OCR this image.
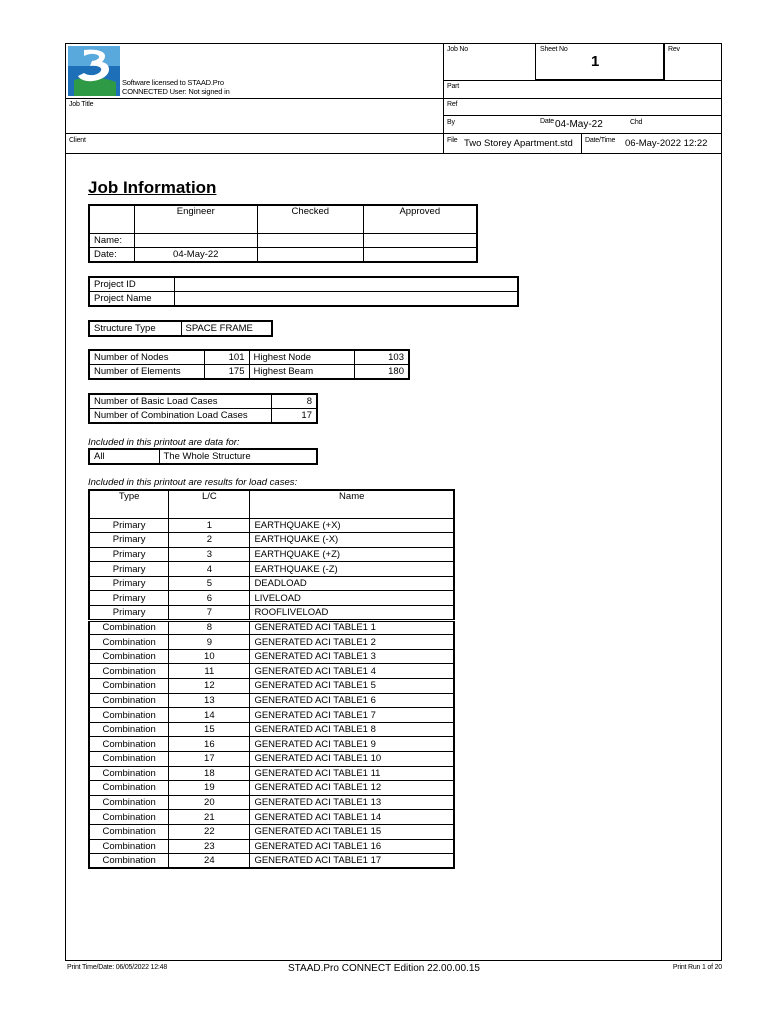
Software licensed to STAAD.Pro
CONNECTED User: Not signed in
Job Title
Client
Job No	Sheet No
1
Rev
Part
Ref
By	Date 04-May-22	Chd
File Two Storey Apartment.std	Date/Time 06-May-2022 12:22
Job Information
	Engineer	Checked	Approved
Name:			
Date:	04-May-22		
Project ID	
Project Name	
Structure Type	SPACE FRAME
Number of Nodes	101	Highest Node	103
Number of Elements	175	Highest Beam	180
Number of Basic Load Cases	8
Number of Combination Load Cases	17
Included in this printout are data for:
All	The Whole Structure
Included in this printout are results for load cases:
Type	L/C	Name
Primary	1	EARTHQUAKE (+X)
Primary	2	EARTHQUAKE (-X)
Primary	3	EARTHQUAKE (+Z)
Primary	4	EARTHQUAKE (-Z)
Primary	5	DEADLOAD
Primary	6	LIVELOAD
Primary	7	ROOFLIVELOAD
Combination	8	GENERATED ACI TABLE1 1
Combination	9	GENERATED ACI TABLE1 2
Combination	10	GENERATED ACI TABLE1 3
Combination	11	GENERATED ACI TABLE1 4
Combination	12	GENERATED ACI TABLE1 5
Combination	13	GENERATED ACI TABLE1 6
Combination	14	GENERATED ACI TABLE1 7
Combination	15	GENERATED ACI TABLE1 8
Combination	16	GENERATED ACI TABLE1 9
Combination	17	GENERATED ACI TABLE1 10
Combination	18	GENERATED ACI TABLE1 11
Combination	19	GENERATED ACI TABLE1 12
Combination	20	GENERATED ACI TABLE1 13
Combination	21	GENERATED ACI TABLE1 14
Combination	22	GENERATED ACI TABLE1 15
Combination	23	GENERATED ACI TABLE1 16
Combination	24	GENERATED ACI TABLE1 17
Print Time/Date: 06/05/2022 12:48	STAAD.Pro CONNECT Edition 22.00.00.15	Print Run 1 of 20
